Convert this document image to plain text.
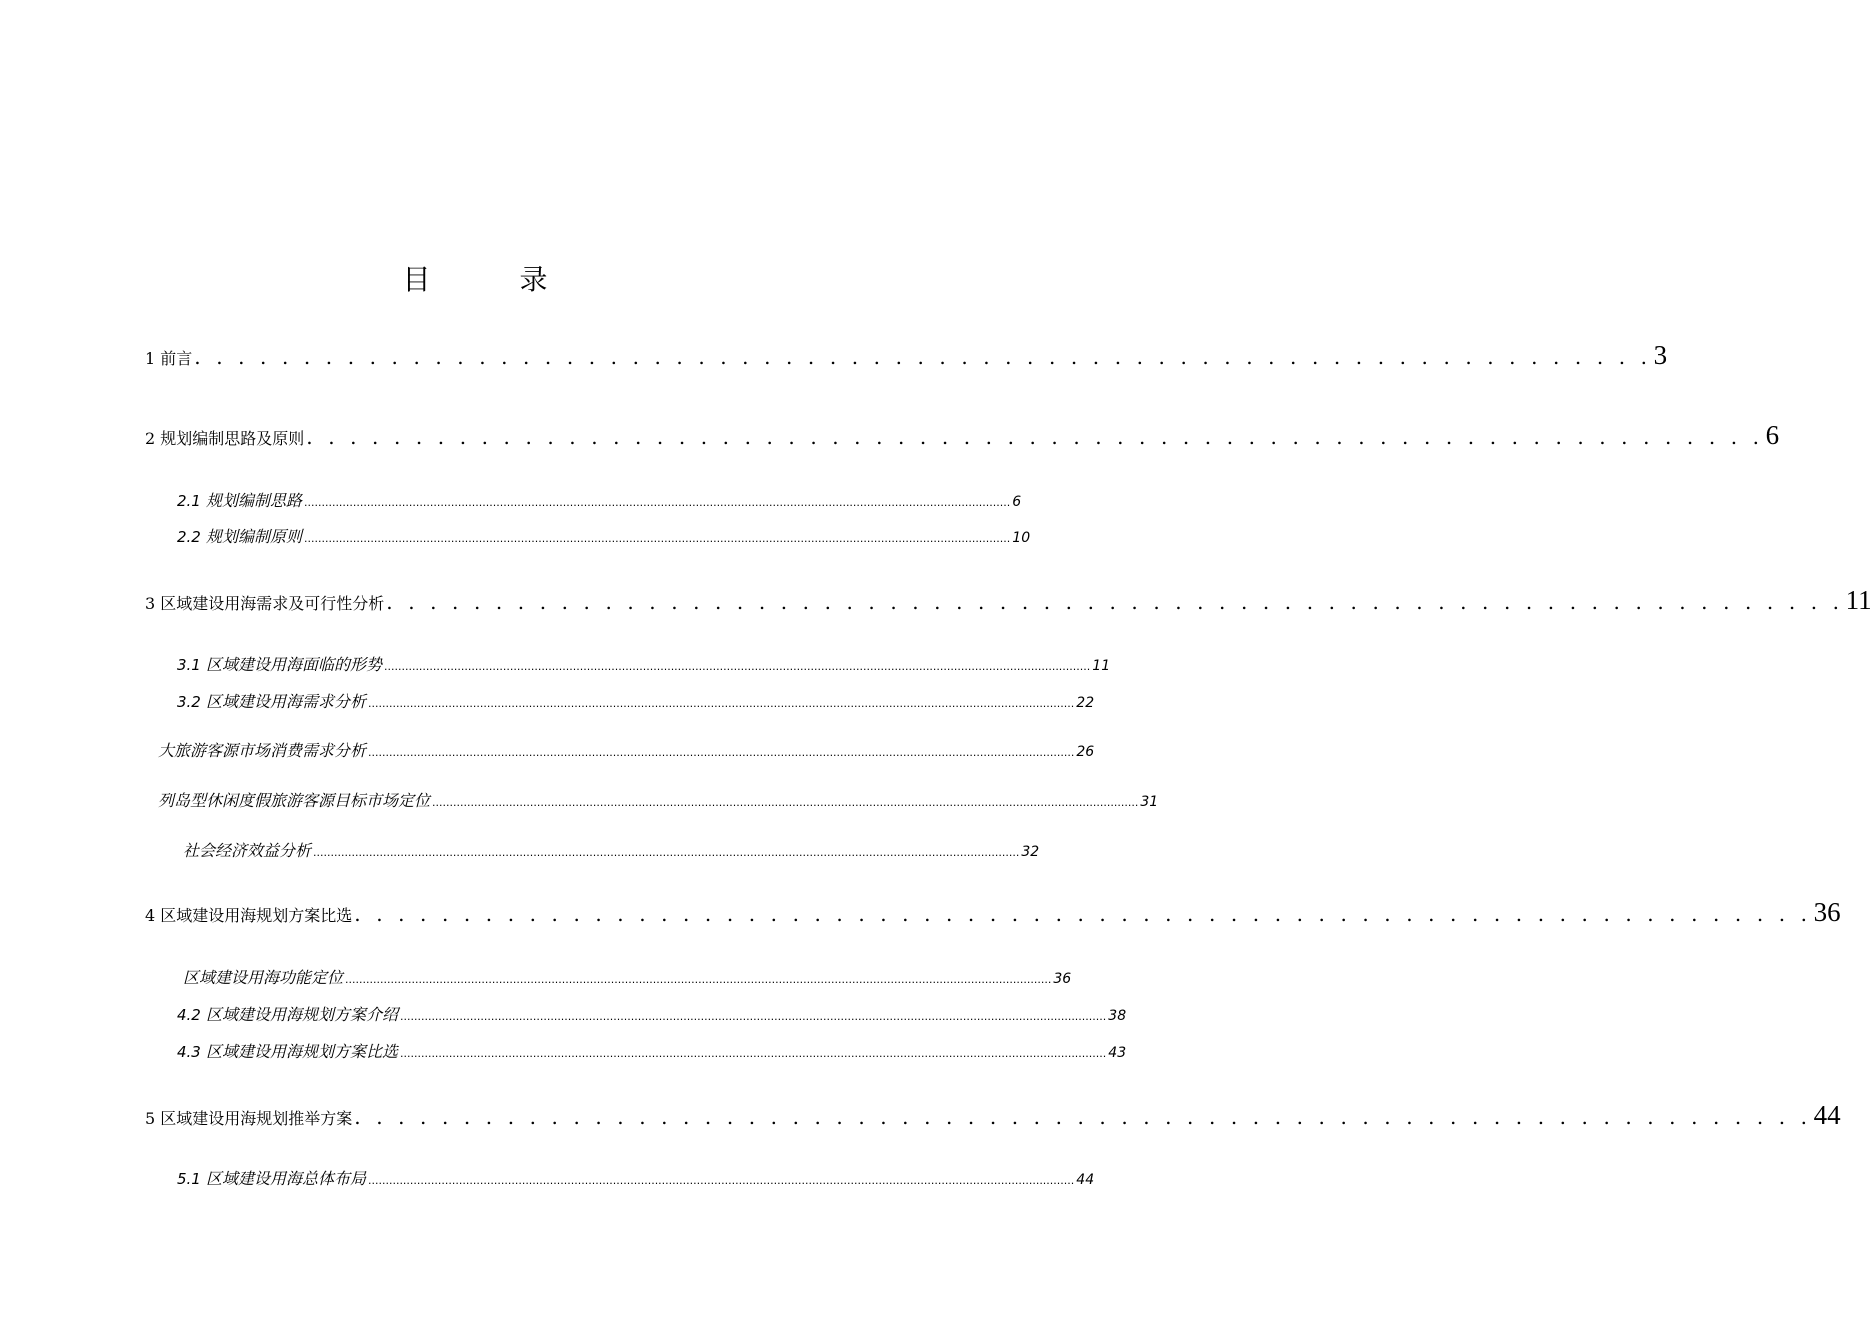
目 录
1 前言 . . . . . . . . . . . . . . . . . . . . . . . . . . . . . . . . . . . . . . . . . . . . . . . . . . . . . . . . . . . . . . . . . . . 3
2 规划编制思路及原则 . . . . . . . . . . . . . . . . . . . . . . . . . . . . . . . . . . . . . . . . . . . . . . . . . . . . . . . . . . . . . . . . . . . 6
2.1 规划编制思路 .......................................................................................................................................................................................................... 6
2.2 规划编制原则 .......................................................................................................................................................................................................... 10
3 区域建设用海需求及可行性分析 . . . . . . . . . . . . . . . . . . . . . . . . . . . . . . . . . . . . . . . . . . . . . . . . . . . . . . . . . . . . . . . . . . . 11
3.1 区域建设用海面临的形势 .......................................................................................................................................................................................................... 11
3.2 区域建设用海需求分析 .......................................................................................................................................................................................................... 22
大旅游客源市场消费需求分析 .......................................................................................................................................................................................................... 26
列岛型休闲度假旅游客源目标市场定位 .......................................................................................................................................................................................................... 31
社会经济效益分析 .......................................................................................................................................................................................................... 32
4 区域建设用海规划方案比选 . . . . . . . . . . . . . . . . . . . . . . . . . . . . . . . . . . . . . . . . . . . . . . . . . . . . . . . . . . . . . . . . . . . 36
区域建设用海功能定位 .......................................................................................................................................................................................................... 36
4.2 区域建设用海规划方案介绍 .......................................................................................................................................................................................................... 38
4.3 区域建设用海规划方案比选 .......................................................................................................................................................................................................... 43
5 区域建设用海规划推举方案 . . . . . . . . . . . . . . . . . . . . . . . . . . . . . . . . . . . . . . . . . . . . . . . . . . . . . . . . . . . . . . . . . . . 44
5.1 区域建设用海总体布局 .......................................................................................................................................................................................................... 44
